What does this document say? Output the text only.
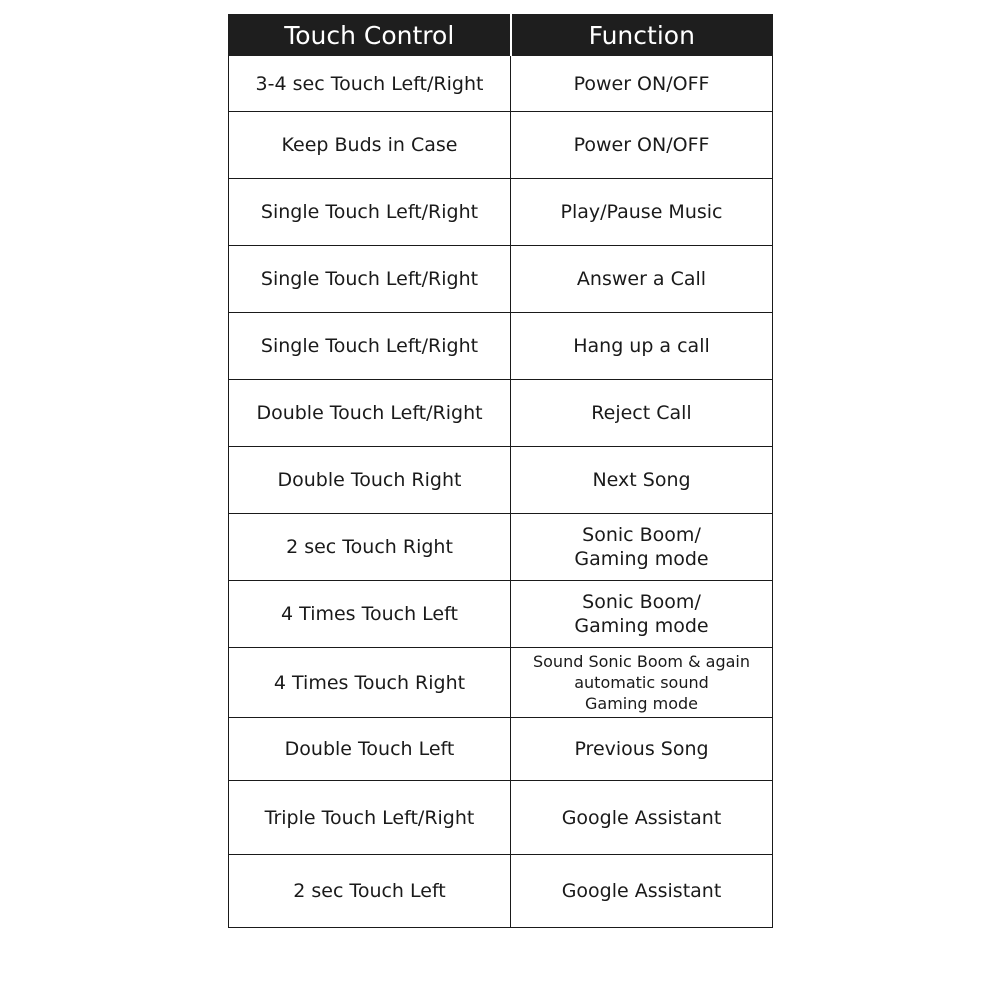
Touch Control	Function
3-4 sec Touch Left/Right	Power ON/OFF

Keep Buds in Case	Power ON/OFF

Single Touch Left/Right	Play/Pause Music

Single Touch Left/Right	Answer a Call

Single Touch Left/Right	Hang up a call

Double Touch Left/Right	Reject Call

Double Touch Right	Next Song

2 sec Touch Right	Sonic Boom/
Gaming mode

4 Times Touch Left	Sonic Boom/
Gaming mode

4 Times Touch Right	Sound Sonic Boom & again
automatic sound
Gaming mode

Double Touch Left	Previous Song

Triple Touch Left/Right	Google Assistant

2 sec Touch Left	Google Assistant
